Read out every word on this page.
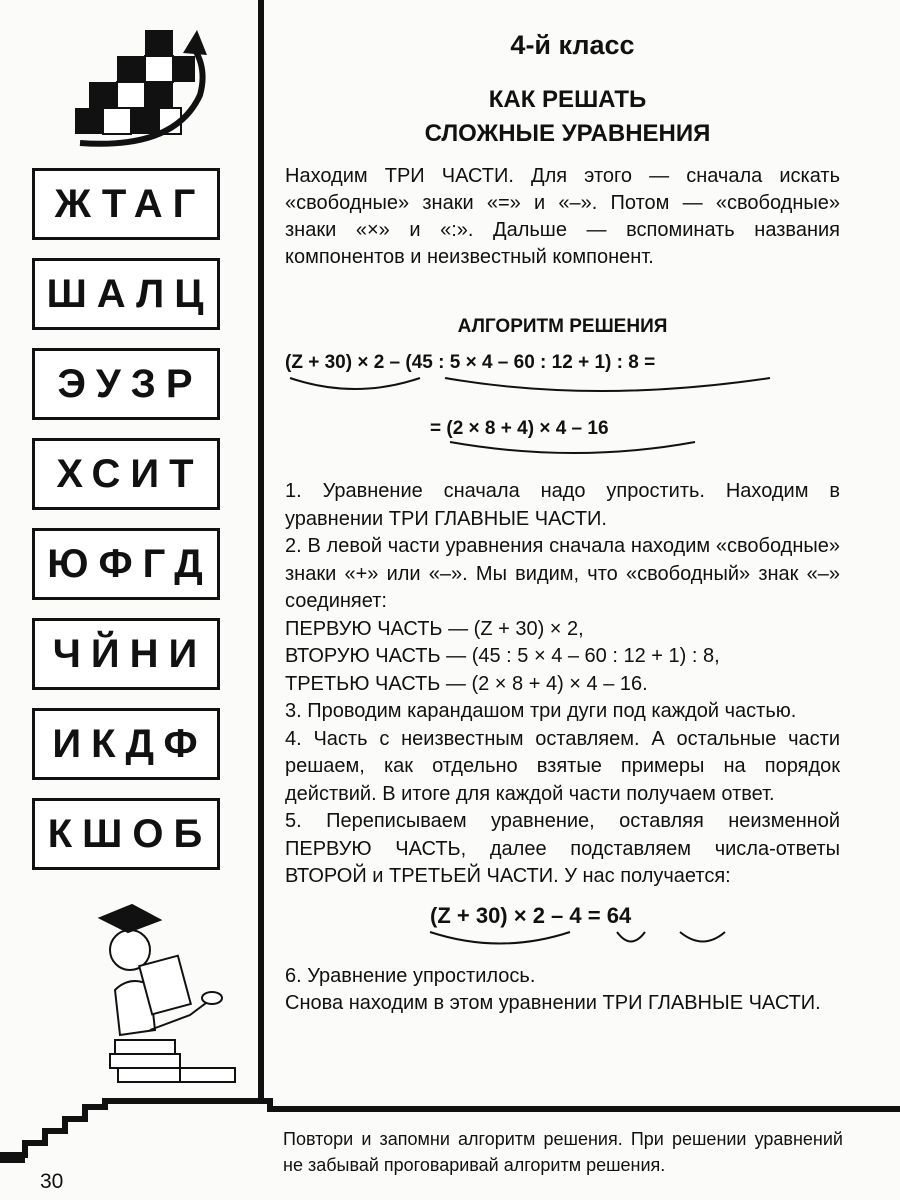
ЖТАГ
ШАЛЦ
ЭУЗР
ХСИТ
ЮФГД
ЧЙНИ
ИКДФ
КШОБ
4-й класс
КАК РЕШАТЬ
СЛОЖНЫЕ УРАВНЕНИЯ

Находим ТРИ ЧАСТИ. Для этого — сначала искать «свободные» знаки «=» и «–». Потом — «свободные» знаки «×» и «:». Дальше — вспоминать названия компонентов и неизвестный компонент.

АЛГОРИТМ РЕШЕНИЯ
(Z + 30) × 2 – (45 : 5 × 4 – 60 : 12 + 1) : 8 =
= (2 × 8 + 4) × 4 – 16

1. Уравнение сначала надо упростить. Находим в уравнении ТРИ ГЛАВНЫЕ ЧАСТИ.

2. В левой части уравнения сначала находим «свободные» знаки «+» или «–». Мы видим, что «свободный» знак «–» соединяет:

ПЕРВУЮ ЧАСТЬ — (Z + 30) × 2,

ВТОРУЮ ЧАСТЬ — (45 : 5 × 4 – 60 : 12 + 1) : 8,

ТРЕТЬЮ ЧАСТЬ — (2 × 8 + 4) × 4 – 16.

3. Проводим карандашом три дуги под каждой частью.

4. Часть с неизвестным оставляем. А остальные части решаем, как отдельно взятые примеры на порядок действий. В итоге для каждой части получаем ответ.

5. Переписываем уравнение, оставляя неизменной ПЕРВУЮ ЧАСТЬ, далее подставляем числа-ответы ВТОРОЙ и ТРЕТЬЕЙ ЧАСТИ. У нас получается:

(Z + 30) × 2 – 4 = 64

6. Уравнение упростилось.

Снова находим в этом уравнении ТРИ ГЛАВНЫЕ ЧАСТИ.

Повтори и запомни алгоритм решения. При решении уравнений не забывай проговаривай алгоритм решения.
30
